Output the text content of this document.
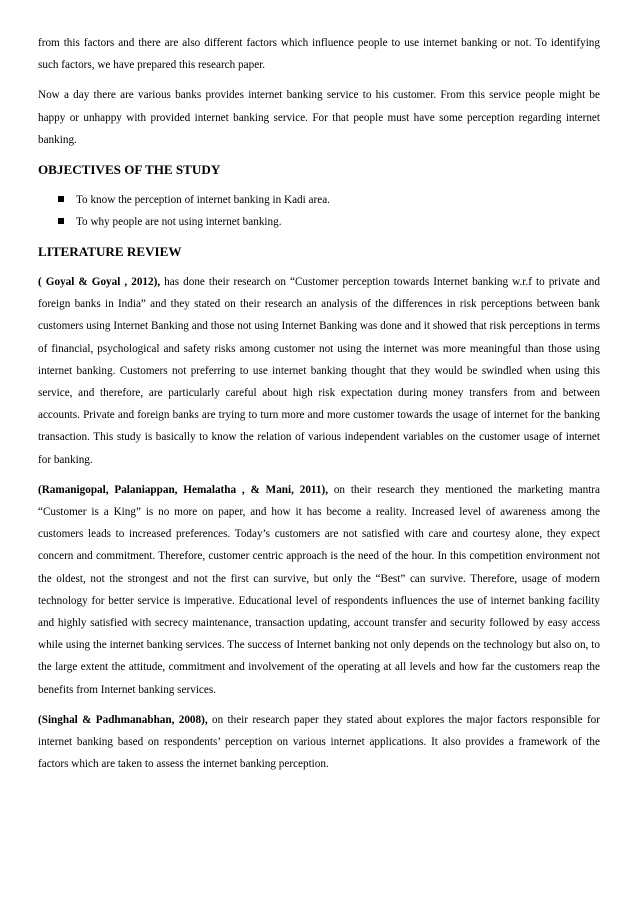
from this factors and there are also different factors which influence people to use internet banking or not. To identifying such factors, we have prepared this research paper.

Now a day there are various banks provides internet banking service to his customer. From this service people might be happy or unhappy with provided internet banking service. For that people must have some perception regarding internet banking.

OBJECTIVES OF THE STUDY
To know the perception of internet banking in Kadi area.
To why people are not using internet banking.
LITERATURE REVIEW

( Goyal & Goyal , 2012), has done their research on “Customer perception towards Internet banking w.r.f to private and foreign banks in India” and they stated on their research an analysis of the differences in risk perceptions between bank customers using Internet Banking and those not using Internet Banking was done and it showed that risk perceptions in terms of financial, psychological and safety risks among customer not using the internet was more meaningful than those using internet banking. Customers not preferring to use internet banking thought that they would be swindled when using this service, and therefore, are particularly careful about high risk expectation during money transfers from and between accounts. Private and foreign banks are trying to turn more and more customer towards the usage of internet for the banking transaction. This study is basically to know the relation of various independent variables on the customer usage of internet for banking.

(Ramanigopal, Palaniappan, Hemalatha , & Mani, 2011), on their research they mentioned the marketing mantra “Customer is a King” is no more on paper, and how it has become a reality. Increased level of awareness among the customers leads to increased preferences. Today’s customers are not satisfied with care and courtesy alone, they expect concern and commitment. Therefore, customer centric approach is the need of the hour. In this competition environment not the oldest, not the strongest and not the first can survive, but only the “Best” can survive. Therefore, usage of modern technology for better service is imperative. Educational level of respondents influences the use of internet banking facility and highly satisfied with secrecy maintenance, transaction updating, account transfer and security followed by easy access while using the internet banking services. The success of Internet banking not only depends on the technology but also on, to the large extent the attitude, commitment and involvement of the operating at all levels and how far the customers reap the benefits from Internet banking services.

(Singhal & Padhmanabhan, 2008), on their research paper they stated about explores the major factors responsible for internet banking based on respondents’ perception on various internet applications. It also provides a framework of the factors which are taken to assess the internet banking perception.
